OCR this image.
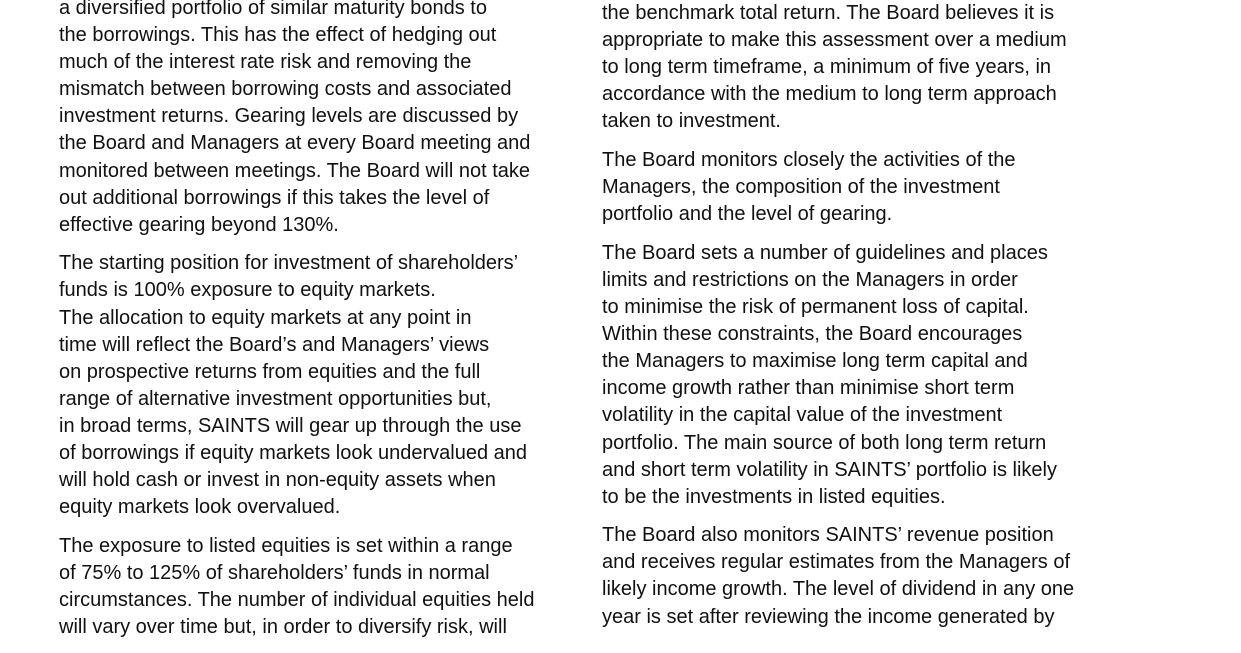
a diversified portfolio of similar maturity bonds to
the borrowings. This has the effect of hedging out
much of the interest rate risk and removing the
mismatch between borrowing costs and associated
investment returns. Gearing levels are discussed by
the Board and Managers at every Board meeting and
monitored between meetings. The Board will not take
out additional borrowings if this takes the level of
effective gearing beyond 130%.

The starting position for investment of shareholders’
funds is 100% exposure to equity markets.
The allocation to equity markets at any point in
time will reflect the Board’s and Managers’ views
on prospective returns from equities and the full
range of alternative investment opportunities but,
in broad terms, SAINTS will gear up through the use
of borrowings if equity markets look undervalued and
will hold cash or invest in non-equity assets when
equity markets look overvalued.

The exposure to listed equities is set within a range
of 75% to 125% of shareholders’ funds in normal
circumstances. The number of individual equities held
will vary over time but, in order to diversify risk, will

the benchmark total return. The Board believes it is
appropriate to make this assessment over a medium
to long term timeframe, a minimum of five years, in
accordance with the medium to long term approach
taken to investment.

The Board monitors closely the activities of the
Managers, the composition of the investment
portfolio and the level of gearing.

The Board sets a number of guidelines and places
limits and restrictions on the Managers in order
to minimise the risk of permanent loss of capital.
Within these constraints, the Board encourages
the Managers to maximise long term capital and
income growth rather than minimise short term
volatility in the capital value of the investment
portfolio. The main source of both long term return
and short term volatility in SAINTS’ portfolio is likely
to be the investments in listed equities.

The Board also monitors SAINTS’ revenue position
and receives regular estimates from the Managers of
likely income growth. The level of dividend in any one
year is set after reviewing the income generated by
